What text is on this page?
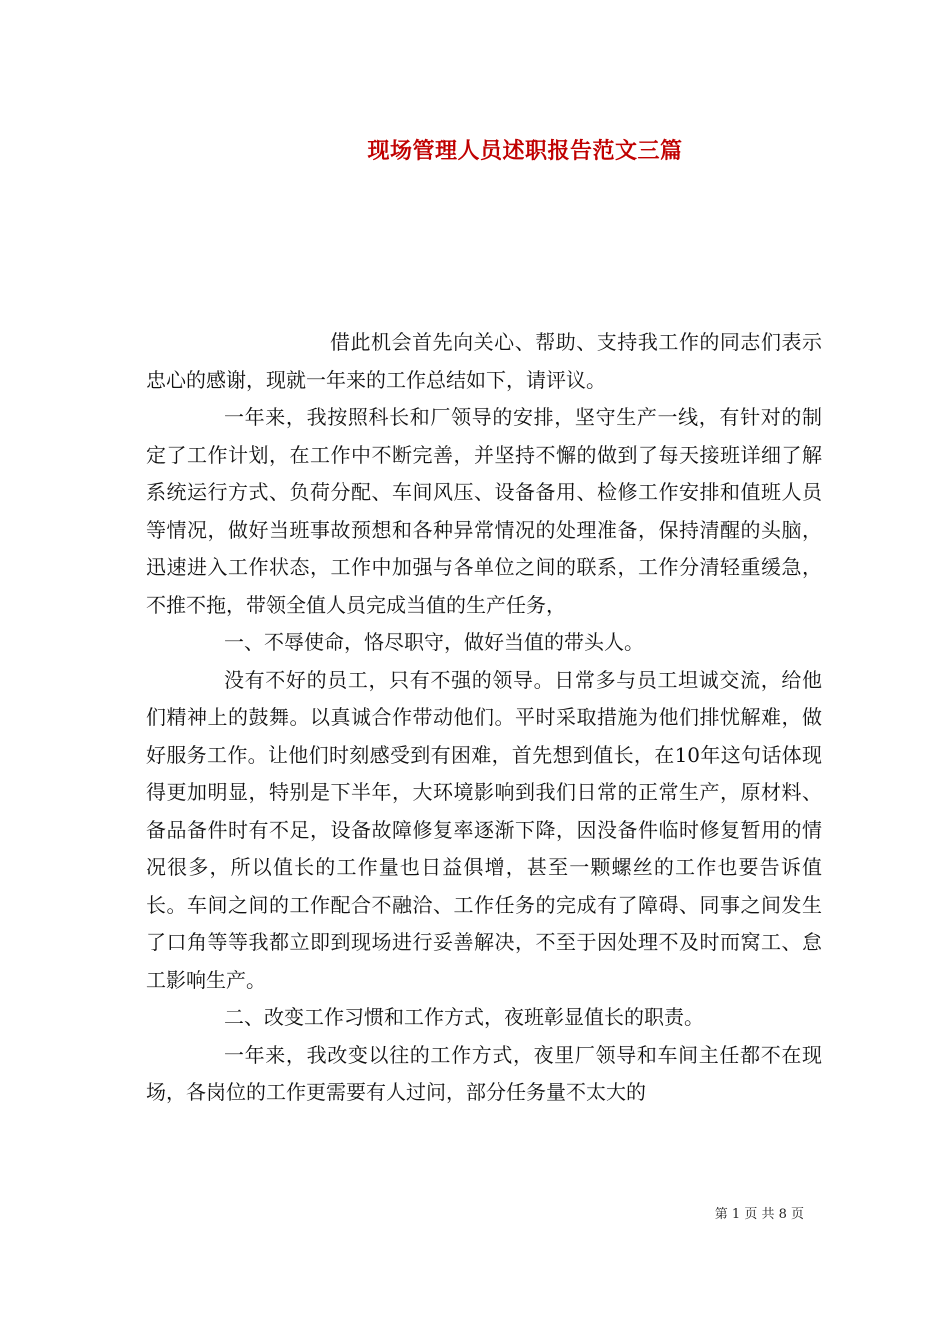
现场管理人员述职报告范文三篇

借此机会首先向关心、帮助、支持我工作的同志们表示忠心的感谢，现就一年来的工作总结如下，请评议。

一年来，我按照科长和厂领导的安排，坚守生产一线，有针对的制定了工作计划，在工作中不断完善，并坚持不懈的做到了每天接班详细了解系统运行方式、负荷分配、车间风压、设备备用、检修工作安排和值班人员等情况，做好当班事故预想和各种异常情况的处理准备，保持清醒的头脑，迅速进入工作状态，工作中加强与各单位之间的联系，工作分清轻重缓急，不推不拖，带领全值人员完成当值的生产任务，

一、不辱使命，恪尽职守，做好当值的带头人。

没有不好的员工，只有不强的领导。日常多与员工坦诚交流，给他们精神上的鼓舞。以真诚合作带动他们。平时采取措施为他们排忧解难，做好服务工作。让他们时刻感受到有困难，首先想到值长，在10年这句话体现得更加明显，特别是下半年，大环境影响到我们日常的正常生产，原材料、备品备件时有不足，设备故障修复率逐渐下降，因没备件临时修复暂用的情况很多，所以值长的工作量也日益俱增，甚至一颗螺丝的工作也要告诉值长。车间之间的工作配合不融洽、工作任务的完成有了障碍、同事之间发生了口角等等我都立即到现场进行妥善解决，不至于因处理不及时而窝工、怠工影响生产。

二、改变工作习惯和工作方式，夜班彰显值长的职责。

一年来，我改变以往的工作方式，夜里厂领导和车间主任都不在现场，各岗位的工作更需要有人过问，部分任务量不太大的

第 1 页 共 8 页
